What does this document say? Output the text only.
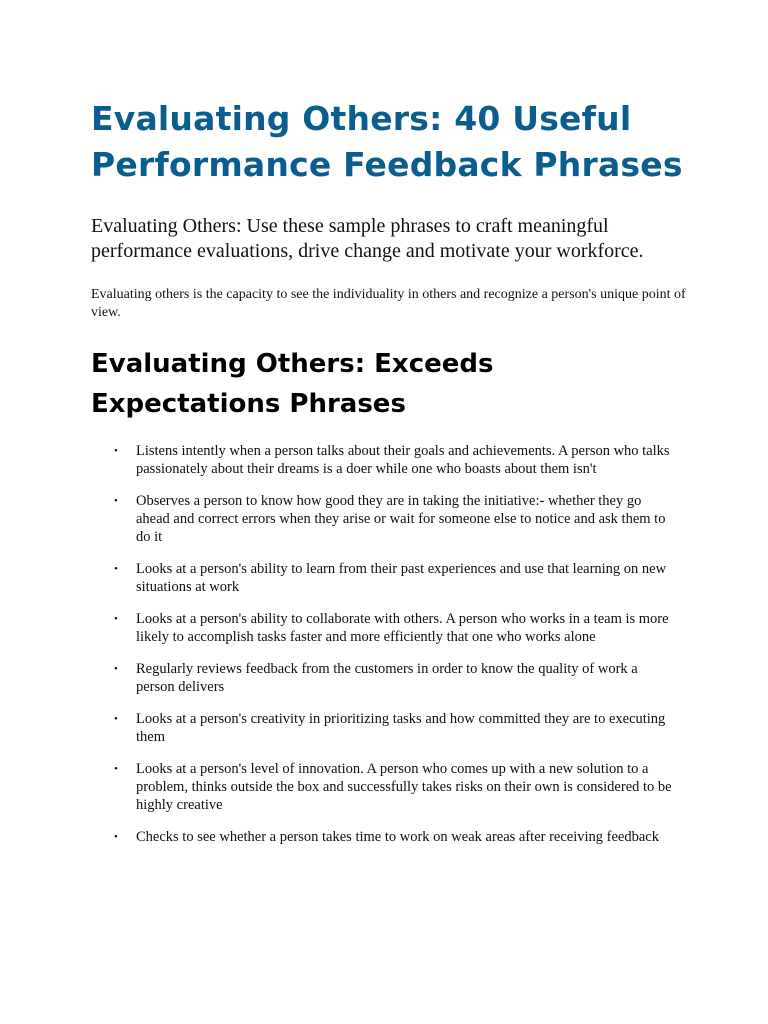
Evaluating Others: 40 Useful Performance Feedback Phrases

Evaluating Others: Use these sample phrases to craft meaningful performance evaluations, drive change and motivate your workforce.

Evaluating others is the capacity to see the individuality in others and recognize a person's unique point of view.

Evaluating Others: Exceeds Expectations Phrases
• Listens intently when a person talks about their goals and achievements. A person who talks passionately about their dreams is a doer while one who boasts about them isn't
• Observes a person to know how good they are in taking the initiative:- whether they go ahead and correct errors when they arise or wait for someone else to notice and ask them to do it
• Looks at a person's ability to learn from their past experiences and use that learning on new situations at work
• Looks at a person's ability to collaborate with others. A person who works in a team is more likely to accomplish tasks faster and more efficiently that one who works alone
• Regularly reviews feedback from the customers in order to know the quality of work a person delivers
• Looks at a person's creativity in prioritizing tasks and how committed they are to executing them
• Looks at a person's level of innovation. A person who comes up with a new solution to a problem, thinks outside the box and successfully takes risks on their own is considered to be highly creative
• Checks to see whether a person takes time to work on weak areas after receiving feedback
